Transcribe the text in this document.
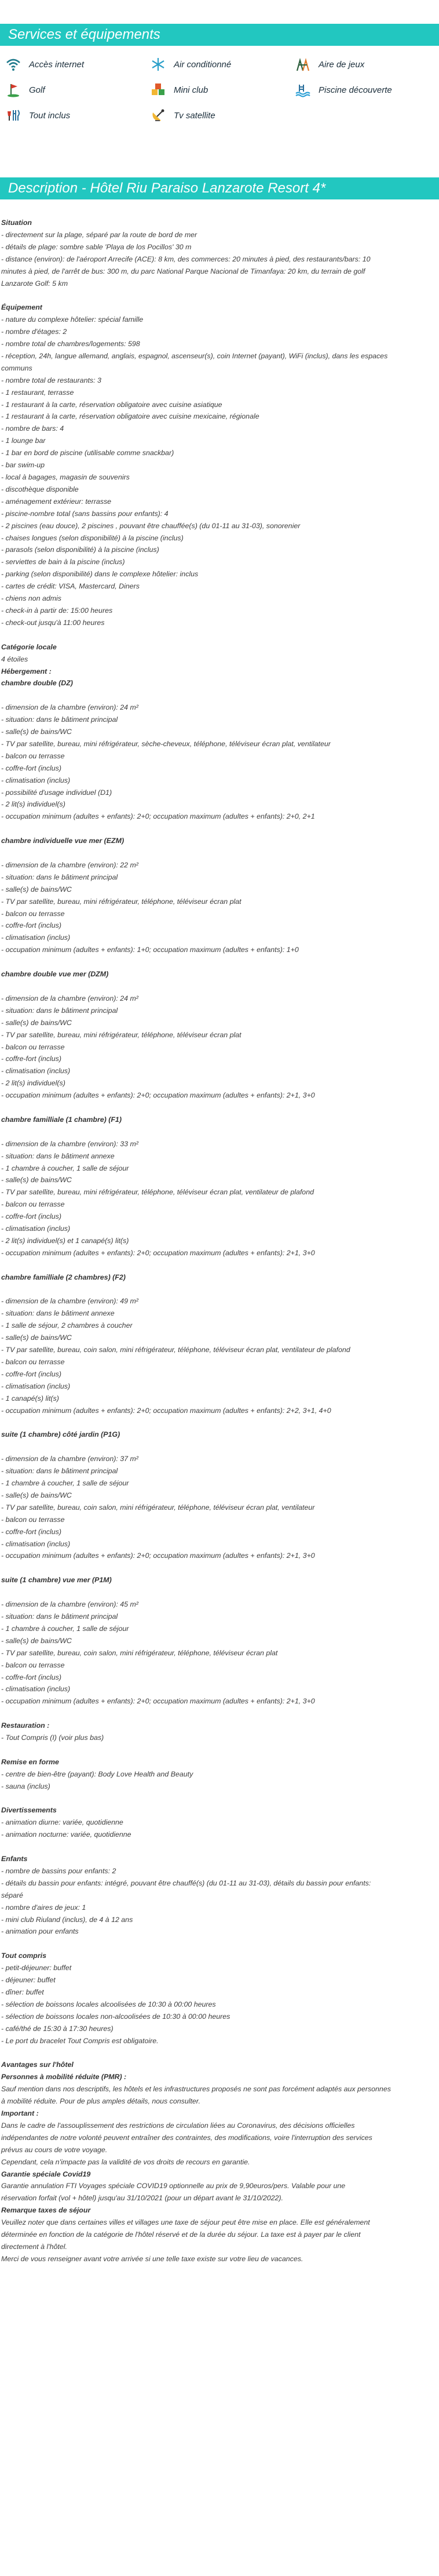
Services et équipements
Accès internet	Air conditionné	Aire de jeux
Golf	Mini club	Piscine découverte
Tout inclus	Tv satellite
Description - Hôtel Riu Paraiso Lanzarote Resort 4*
Situation
- directement sur la plage, séparé par la route de bord de mer
- détails de plage: sombre sable 'Playa de los Pocillos' 30 m
- distance (environ): de l'aéroport Arrecife (ACE): 8 km, des commerces: 20 minutes à pied, des restaurants/bars: 10
minutes à pied, de l'arrêt de bus: 300 m, du parc National Parque Nacional de Timanfaya: 20 km, du terrain de golf
Lanzarote Golf: 5 km
Équipement
- nature du complexe hôtelier: spécial famille
- nombre d'étages: 2
- nombre total de chambres/logements: 598
- réception, 24h, langue allemand, anglais, espagnol, ascenseur(s), coin Internet (payant), WiFi (inclus), dans les espaces
communs
- nombre total de restaurants: 3
- 1 restaurant, terrasse
- 1 restaurant à la carte, réservation obligatoire avec cuisine asiatique
- 1 restaurant à la carte, réservation obligatoire avec cuisine mexicaine, régionale
- nombre de bars: 4
- 1 lounge bar
- 1 bar en bord de piscine (utilisable comme snackbar)
- bar swim-up
- local à bagages, magasin de souvenirs
- discothèque disponible
- aménagement extérieur: terrasse
- piscine-nombre total (sans bassins pour enfants): 4
- 2 piscines (eau douce), 2 piscines , pouvant être chauffée(s) (du 01-11 au 31-03), sonorenier
- chaises longues (selon disponibilité) à la piscine (inclus)
- parasols (selon disponibilité) à la piscine (inclus)
- serviettes de bain à la piscine (inclus)
- parking (selon disponibilité) dans le complexe hôtelier: inclus
- cartes de crédit: VISA, Mastercard, Diners
- chiens non admis
- check-in à partir de: 15:00 heures
- check-out jusqu'à 11:00 heures
Catégorie locale
4 étoiles
Hébergement :
chambre double (DZ)
- dimension de la chambre (environ): 24 m²
- situation: dans le bâtiment principal
- salle(s) de bains/WC
- TV par satellite, bureau, mini réfrigérateur, sèche-cheveux, téléphone, téléviseur écran plat, ventilateur
- balcon ou terrasse
- coffre-fort (inclus)
- climatisation (inclus)
- possibilité d'usage individuel (D1)
- 2 lit(s) individuel(s)
- occupation minimum (adultes + enfants): 2+0; occupation maximum (adultes + enfants): 2+0, 2+1
chambre individuelle vue mer (EZM)
- dimension de la chambre (environ): 22 m²
- situation: dans le bâtiment principal
- salle(s) de bains/WC
- TV par satellite, bureau, mini réfrigérateur, téléphone, téléviseur écran plat
- balcon ou terrasse
- coffre-fort (inclus)
- climatisation (inclus)
- occupation minimum (adultes + enfants): 1+0; occupation maximum (adultes + enfants): 1+0
chambre double vue mer (DZM)
- dimension de la chambre (environ): 24 m²
- situation: dans le bâtiment principal
- salle(s) de bains/WC
- TV par satellite, bureau, mini réfrigérateur, téléphone, téléviseur écran plat
- balcon ou terrasse
- coffre-fort (inclus)
- climatisation (inclus)
- 2 lit(s) individuel(s)
- occupation minimum (adultes + enfants): 2+0; occupation maximum (adultes + enfants): 2+1, 3+0
chambre familliale (1 chambre) (F1)
- dimension de la chambre (environ): 33 m²
- situation: dans le bâtiment annexe
- 1 chambre à coucher, 1 salle de séjour
- salle(s) de bains/WC
- TV par satellite, bureau, mini réfrigérateur, téléphone, téléviseur écran plat, ventilateur de plafond
- balcon ou terrasse
- coffre-fort (inclus)
- climatisation (inclus)
- 2 lit(s) individuel(s) et 1 canapé(s) lit(s)
- occupation minimum (adultes + enfants): 2+0; occupation maximum (adultes + enfants): 2+1, 3+0
chambre familliale (2 chambres) (F2)
- dimension de la chambre (environ): 49 m²
- situation: dans le bâtiment annexe
- 1 salle de séjour, 2 chambres à coucher
- salle(s) de bains/WC
- TV par satellite, bureau, coin salon, mini réfrigérateur, téléphone, téléviseur écran plat, ventilateur de plafond
- balcon ou terrasse
- coffre-fort (inclus)
- climatisation (inclus)
- 1 canapé(s) lit(s)
- occupation minimum (adultes + enfants): 2+0; occupation maximum (adultes + enfants): 2+2, 3+1, 4+0
suite (1 chambre) côté jardin (P1G)
- dimension de la chambre (environ): 37 m²
- situation: dans le bâtiment principal
- 1 chambre à coucher, 1 salle de séjour
- salle(s) de bains/WC
- TV par satellite, bureau, coin salon, mini réfrigérateur, téléphone, téléviseur écran plat, ventilateur
- balcon ou terrasse
- coffre-fort (inclus)
- climatisation (inclus)
- occupation minimum (adultes + enfants): 2+0; occupation maximum (adultes + enfants): 2+1, 3+0
suite (1 chambre) vue mer (P1M)
- dimension de la chambre (environ): 45 m²
- situation: dans le bâtiment principal
- 1 chambre à coucher, 1 salle de séjour
- salle(s) de bains/WC
- TV par satellite, bureau, coin salon, mini réfrigérateur, téléphone, téléviseur écran plat
- balcon ou terrasse
- coffre-fort (inclus)
- climatisation (inclus)
- occupation minimum (adultes + enfants): 2+0; occupation maximum (adultes + enfants): 2+1, 3+0
Restauration :
- Tout Compris (I) (voir plus bas)
Remise en forme
- centre de bien-être (payant): Body Love Health and Beauty
- sauna (inclus)
Divertissements
- animation diurne: variée, quotidienne
- animation nocturne: variée, quotidienne
Enfants
- nombre de bassins pour enfants: 2
- détails du bassin pour enfants: intégré, pouvant être chauffé(s) (du 01-11 au 31-03), détails du bassin pour enfants:
séparé
- nombre d'aires de jeux: 1
- mini club Riuland (inclus), de 4 à 12 ans
- animation pour enfants
Tout compris
- petit-déjeuner: buffet
- déjeuner: buffet
- dîner: buffet
- sélection de boissons locales alcoolisées de 10:30 à 00:00 heures
- sélection de boissons locales non-alcoolisées de 10:30 à 00:00 heures
- café/thé de 15:30 à 17:30 heures)
- Le port du bracelet Tout Compris est obligatoire.
Avantages sur l'hôtel
Personnes à mobilité réduite (PMR) :
Sauf mention dans nos descriptifs, les hôtels et les infrastructures proposés ne sont pas forcément adaptés aux personnes
à mobilité réduite. Pour de plus amples détails, nous consulter.
Important :
Dans le cadre de l'assouplissement des restrictions de circulation liées au Coronavirus, des décisions officielles
indépendantes de notre volonté peuvent entraîner des contraintes, des modifications, voire l'interruption des services
prévus au cours de votre voyage.
Cependant, cela n'impacte pas la validité de vos droits de recours en garantie.
Garantie spéciale Covid19
Garantie annulation FTI Voyages spéciale COVID19 optionnelle au prix de 9,90euros/pers. Valable pour une
réservation forfait (vol + hôtel) jusqu'au 31/10/2021 (pour un départ avant le 31/10/2022).
Remarque taxes de séjour
Veuillez noter que dans certaines villes et villages une taxe de séjour peut être mise en place. Elle est généralement
déterminée en fonction de la catégorie de l'hôtel réservé et de la durée du séjour. La taxe est à payer par le client
directement à l'hôtel.
Merci de vous renseigner avant votre arrivée si une telle taxe existe sur votre lieu de vacances.
